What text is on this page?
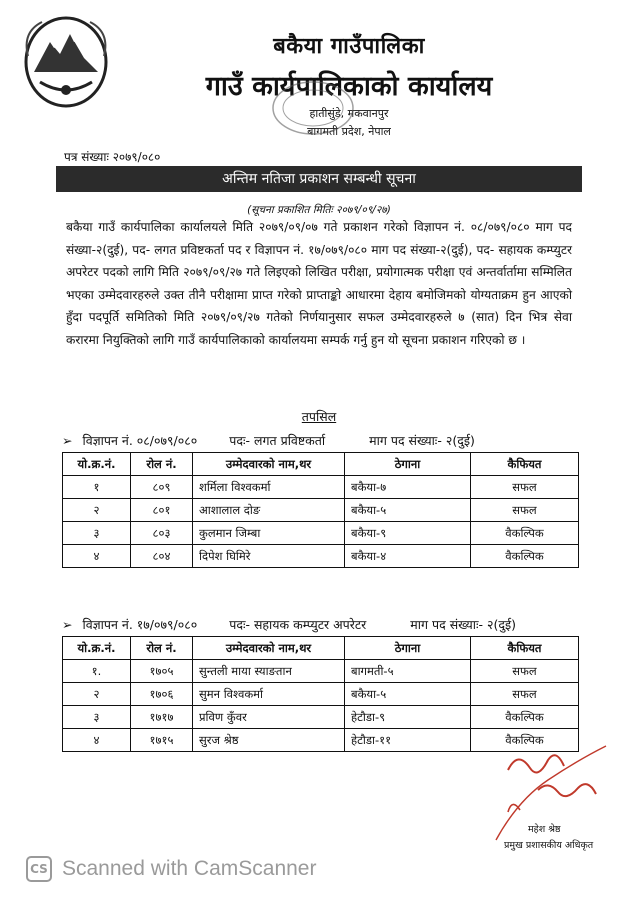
बकैया गाउँपालिका
गाउँ कार्यपालिकाको कार्यालय
हातीसुंडे, मकवानपुर
बागमती प्रदेश, नेपाल
पत्र संख्याः २०७९/०८०
अन्तिम नतिजा प्रकाशन सम्बन्धी सूचना
(सूचना प्रकाशित मितिः २०७९/०९/२७)
बकैया गाउँ कार्यपालिका कार्यालयले मिति २०७९/०९/०७ गते प्रकाशन गरेको विज्ञापन नं. ०८/०७९/०८० माग पद संख्या-२(दुई), पद- लगत प्रविष्टकर्ता पद र विज्ञापन नं. १७/०७९/०८० माग पद संख्या-२(दुई), पद- सहायक कम्प्युटर अपरेटर पदको लागि मिति २०७९/०९/२७ गते लिइएको लिखित परीक्षा, प्रयोगात्मक परीक्षा एवं अन्तर्वार्तामा सम्मिलित भएका उम्मेदवारहरुले उक्त तीनै परीक्षामा प्राप्त गरेको प्राप्ताङ्को आधारमा देहाय बमोजिमको योग्यताक्रम हुन आएको हुँदा पदपूर्ति समितिको मिति २०७९/०९/२७ गतेको निर्णयानुसार सफल उम्मेदवारहरुले ७ (सात) दिन भित्र सेवा करारमा नियुक्तिको लागि गाउँ कार्यपालिकाको कार्यालयमा सम्पर्क गर्नु हुन यो सूचना प्रकाशन गरिएको छ ।
तपसिल
➢ विज्ञापन नं. ०८/०७९/०८०	पदः- लगत प्रविष्टकर्ता	माग पद संख्याः- २(दुई)
यो.क्र.नं.	रोल नं.	उम्मेदवारको नाम,थर	ठेगाना	कैफियत
१	८०९	शर्मिला विश्वकर्मा	बकैया-७	सफल
२	८०१	आशालाल दोङ	बकैया-५	सफल
३	८०३	कुलमान जिम्बा	बकैया-९	वैकल्पिक
४	८०४	दिपेश घिमिरे	बकैया-४	वैकल्पिक
➢ विज्ञापन नं. १७/०७९/०८०	पदः- सहायक कम्प्युटर अपरेटर	माग पद संख्याः- २(दुई)
यो.क्र.नं.	रोल नं.	उम्मेदवारको नाम,थर	ठेगाना	कैफियत
१.	१७०५	सुन्तली माया स्याङतान	बागमती-५	सफल
२	१७०६	सुमन विश्वकर्मा	बकैया-५	सफल
३	१७१७	प्रविण कुँवर	हेटौडा-९	वैकल्पिक
४	१७१५	सुरज श्रेष्ठ	हेटौडा-११	वैकल्पिक
महेश श्रेष्ठ
प्रमुख प्रशासकीय अधिकृत
CS Scanned with CamScanner
